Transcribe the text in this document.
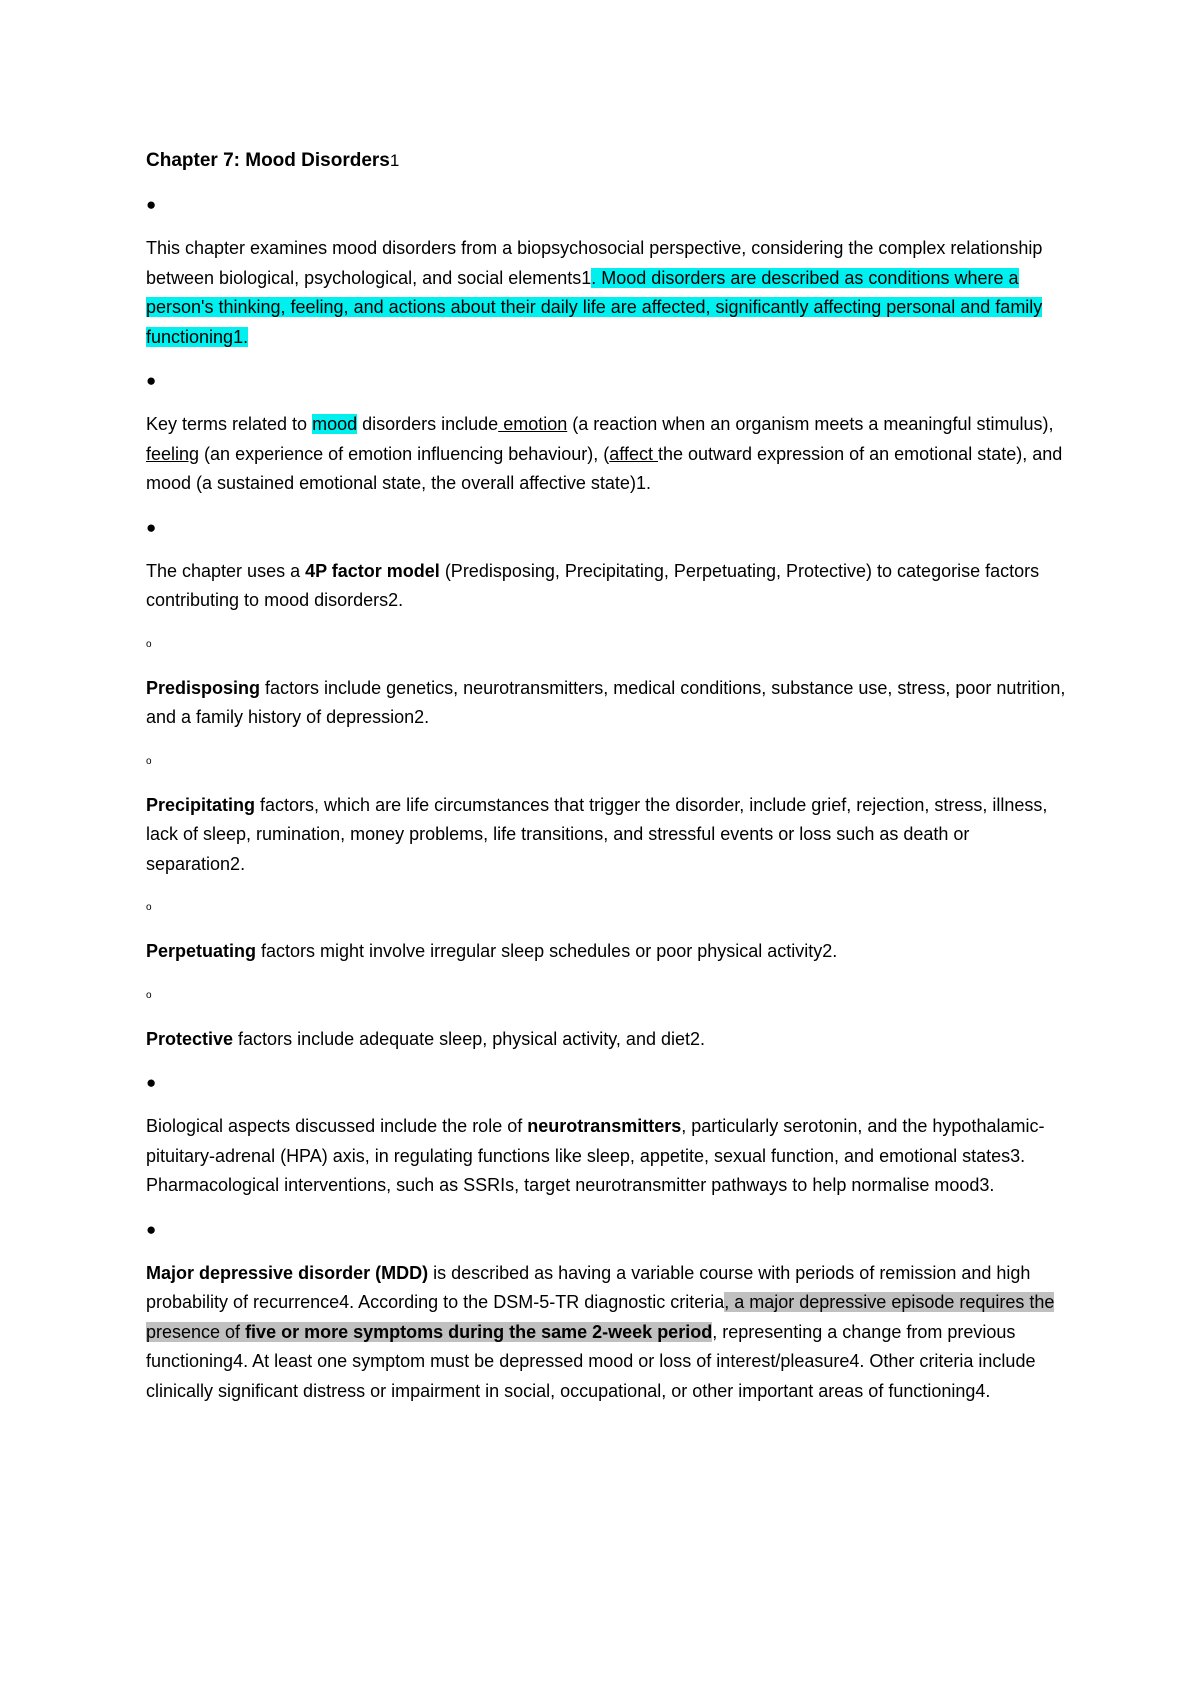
Chapter 7: Mood Disorders1
●

This chapter examines mood disorders from a biopsychosocial perspective, considering the complex relationship between biological, psychological, and social elements1. Mood disorders are described as conditions where a person's thinking, feeling, and actions about their daily life are affected, significantly affecting personal and family functioning1.

●

Key terms related to mood disorders include emotion (a reaction when an organism meets a meaningful stimulus), feeling (an experience of emotion influencing behaviour), (affect the outward expression of an emotional state), and mood (a sustained emotional state, the overall affective state)1.

●

The chapter uses a 4P factor model (Predisposing, Precipitating, Perpetuating, Protective) to categorise factors contributing to mood disorders2.

o

Predisposing factors include genetics, neurotransmitters, medical conditions, substance use, stress, poor nutrition, and a family history of depression2.

o

Precipitating factors, which are life circumstances that trigger the disorder, include grief, rejection, stress, illness, lack of sleep, rumination, money problems, life transitions, and stressful events or loss such as death or separation2.

o

Perpetuating factors might involve irregular sleep schedules or poor physical activity2.

o

Protective factors include adequate sleep, physical activity, and diet2.

●

Biological aspects discussed include the role of neurotransmitters, particularly serotonin, and the hypothalamic-pituitary-adrenal (HPA) axis, in regulating functions like sleep, appetite, sexual function, and emotional states3. Pharmacological interventions, such as SSRIs, target neurotransmitter pathways to help normalise mood3.

●

Major depressive disorder (MDD) is described as having a variable course with periods of remission and high probability of recurrence4. According to the DSM-5-TR diagnostic criteria, a major depressive episode requires the presence of five or more symptoms during the same 2-week period, representing a change from previous functioning4. At least one symptom must be depressed mood or loss of interest/pleasure4. Other criteria include clinically significant distress or impairment in social, occupational, or other important areas of functioning4.
